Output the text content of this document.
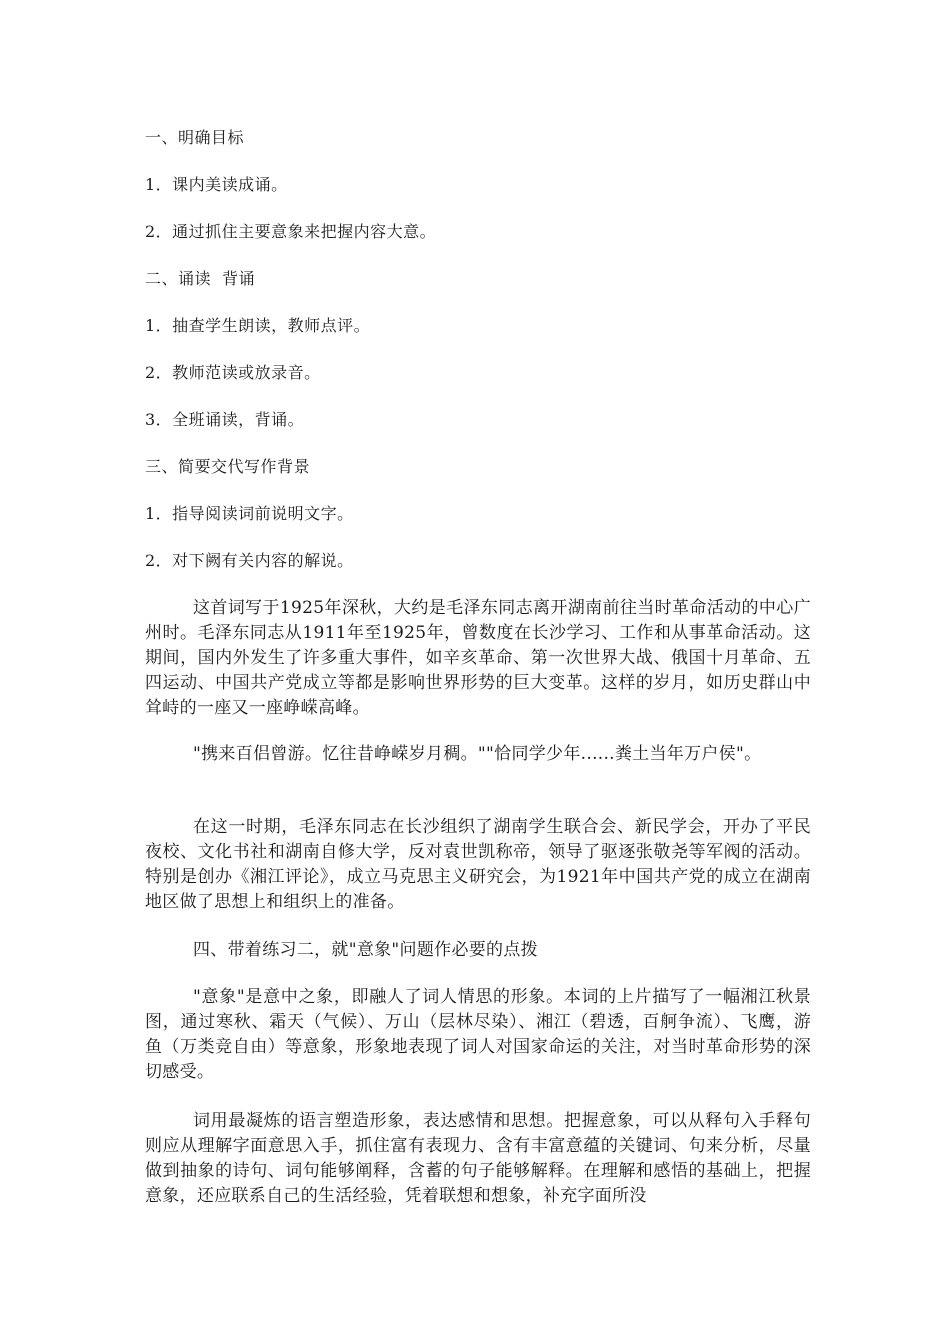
一、明确目标
1．课内美读成诵。
2．通过抓住主要意象来把握内容大意。
二、诵读  背诵
1．抽查学生朗读，教师点评。
2．教师范读或放录音。
3．全班诵读，背诵。
三、简要交代写作背景
1．指导阅读词前说明文字。
2．对下阙有关内容的解说。
这首词写于1925年深秋，大约是毛泽东同志离开湖南前往当时革命活动的中心广州时。毛泽东同志从1911年至1925年，曾数度在长沙学习、工作和从事革命活动。这期间，国内外发生了许多重大事件，如辛亥革命、第一次世界大战、俄国十月革命、五四运动、中国共产党成立等都是影响世界形势的巨大变革。这样的岁月，如历史群山中耸峙的一座又一座峥嵘高峰。
"携来百侣曾游。忆往昔峥嵘岁月稠。""恰同学少年......粪土当年万户侯"。
在这一时期，毛泽东同志在长沙组织了湖南学生联合会、新民学会，开办了平民夜校、文化书社和湖南自修大学，反对袁世凯称帝，领导了驱逐张敬尧等军阀的活动。特别是创办《湘江评论》，成立马克思主义研究会，为1921年中国共产党的成立在湖南地区做了思想上和组织上的准备。
四、带着练习二，就"意象"问题作必要的点拨
"意象"是意中之象，即融人了词人情思的形象。本词的上片描写了一幅湘江秋景图，通过寒秋、霜天（气候）、万山（层林尽染）、湘江（碧透，百舸争流）、飞鹰，游鱼（万类竞自由）等意象，形象地表现了词人对国家命运的关注，对当时革命形势的深切感受。
词用最凝炼的语言塑造形象，表达感情和思想。把握意象，可以从释句入手释句则应从理解字面意思入手，抓住富有表现力、含有丰富意蕴的关键词、句来分析，尽量做到抽象的诗句、词句能够阐释，含蓄的句子能够解释。在理解和感悟的基础上，把握意象，还应联系自己的生活经验，凭着联想和想象，补充字面所没
